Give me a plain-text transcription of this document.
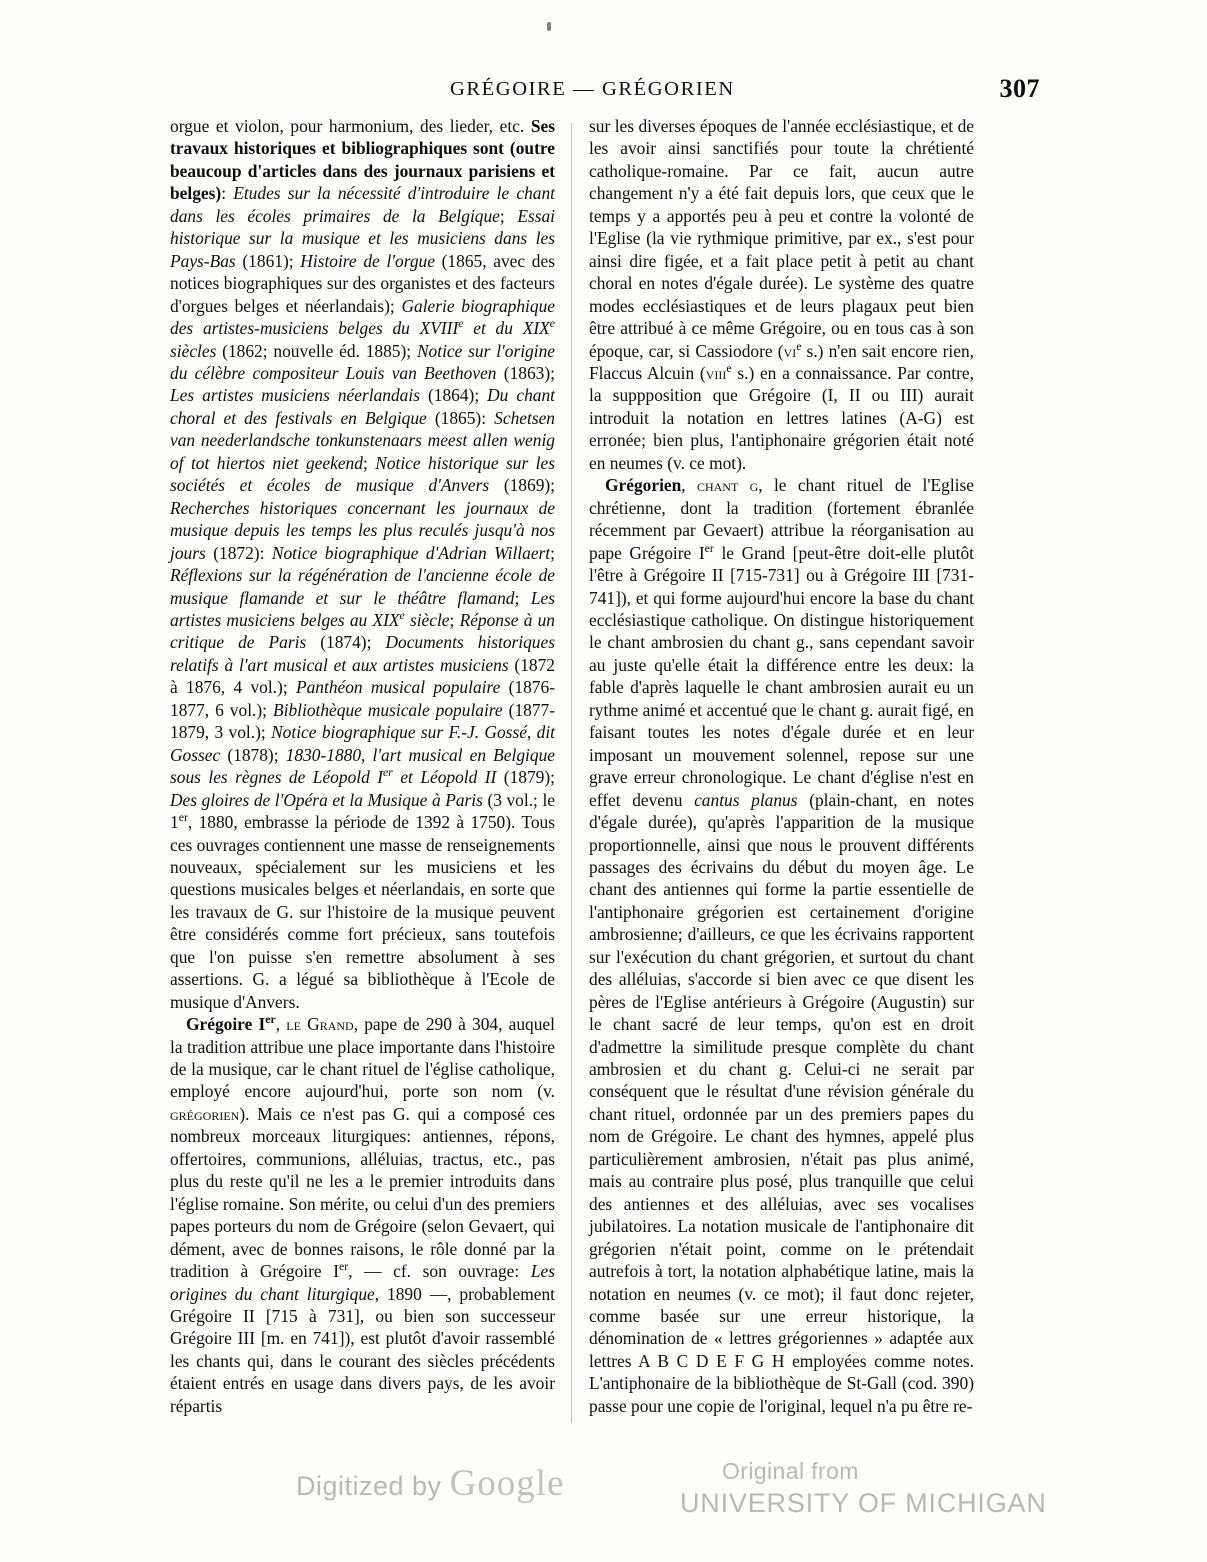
GRÉGOIRE — GRÉGORIEN	307

orgue et violon, pour harmonium, des lieder, etc. Ses travaux historiques et bibliographiques sont (outre beaucoup d'articles dans des journaux parisiens et belges): Etudes sur la nécessité d'introduire le chant dans les écoles primaires de la Belgique; Essai historique sur la musique et les musiciens dans les Pays-Bas (1861); Histoire de l'orgue (1865, avec des notices biographiques sur des organistes et des facteurs d'orgues belges et néerlandais); Galerie biographique des artistes-musiciens belges du XVIIIe et du XIXe siècles (1862; nouvelle éd. 1885); Notice sur l'origine du célèbre compositeur Louis van Beethoven (1863); Les artistes musiciens néerlandais (1864); Du chant choral et des festivals en Belgique (1865): Schetsen van neederlandsche tonkunstenaars meest allen wenig of tot hiertos niet geekend; Notice historique sur les sociétés et écoles de musique d'Anvers (1869); Recherches historiques concernant les journaux de musique depuis les temps les plus reculés jusqu'à nos jours (1872): Notice biographique d'Adrian Willaert; Réflexions sur la régénération de l'ancienne école de musique flamande et sur le théâtre flamand; Les artistes musiciens belges au XIXe siècle; Réponse à un critique de Paris (1874); Documents historiques relatifs à l'art musical et aux artistes musiciens (1872 à 1876, 4 vol.); Panthéon musical populaire (1876-1877, 6 vol.); Bibliothèque musicale populaire (1877-1879, 3 vol.); Notice biographique sur F.-J. Gossé, dit Gossec (1878); 1830-1880, l'art musical en Belgique sous les règnes de Léopold Ier et Léopold II (1879); Des gloires de l'Opéra et la Musique à Paris (3 vol.; le 1er, 1880, embrasse la période de 1392 à 1750). Tous ces ouvrages contiennent une masse de renseignements nouveaux, spécialement sur les musiciens et les questions musicales belges et néerlandais, en sorte que les travaux de G. sur l'histoire de la musique peuvent être considérés comme fort précieux, sans toutefois que l'on puisse s'en remettre absolument à ses assertions. G. a légué sa bibliothèque à l'Ecole de musique d'Anvers.

Grégoire Ier, le Grand, pape de 290 à 304, auquel la tradition attribue une place importante dans l'histoire de la musique, car le chant rituel de l'église catholique, employé encore aujourd'hui, porte son nom (v. grégorien). Mais ce n'est pas G. qui a composé ces nombreux morceaux liturgiques: antiennes, répons, offertoires, communions, alléluias, tractus, etc., pas plus du reste qu'il ne les a le premier introduits dans l'église romaine. Son mérite, ou celui d'un des premiers papes porteurs du nom de Grégoire (selon Gevaert, qui dément, avec de bonnes raisons, le rôle donné par la tradition à Grégoire Ier, — cf. son ouvrage: Les origines du chant liturgique, 1890 —, probablement Grégoire II [715 à 731], ou bien son successeur Grégoire III [m. en 741]), est plutôt d'avoir rassemblé les chants qui, dans le courant des siècles précédents étaient entrés en usage dans divers pays, de les avoir répartis

sur les diverses époques de l'année ecclésiastique, et de les avoir ainsi sanctifiés pour toute la chrétienté catholique-romaine. Par ce fait, aucun autre changement n'y a été fait depuis lors, que ceux que le temps y a apportés peu à peu et contre la volonté de l'Eglise (la vie rythmique primitive, par ex., s'est pour ainsi dire figée, et a fait place petit à petit au chant choral en notes d'égale durée). Le système des quatre modes ecclésiastiques et de leurs plagaux peut bien être attribué à ce même Grégoire, ou en tous cas à son époque, car, si Cassiodore ($vi^e$ s.) n'en sait encore rien, Flaccus Alcuin (viii$^e$ s.) en a connaissance. Par contre, la suppposition que Grégoire (I, II ou III) aurait introduit la notation en lettres latines (A-G) est erronée; bien plus, l'antiphonaire grégorien était noté en neumes (v. ce mot).

Grégorien, chant g, le chant rituel de l'Eglise chrétienne, dont la tradition (fortement ébranlée récemment par Gevaert) attribue la réorganisation au pape Grégoire Ier le Grand [peut-être doit-elle plutôt l'être à Grégoire II [715-731] ou à Grégoire III [731-741]), et qui forme aujourd'hui encore la base du chant ecclésiastique catholique. On distingue historiquement le chant ambrosien du chant g., sans cependant savoir au juste qu'elle était la différence entre les deux: la fable d'après laquelle le chant ambrosien aurait eu un rythme animé et accentué que le chant g. aurait figé, en faisant toutes les notes d'égale durée et en leur imposant un mouvement solennel, repose sur une grave erreur chronologique. Le chant d'église n'est en effet devenu cantus planus (plain-chant, en notes d'égale durée), qu'après l'apparition de la musique proportionnelle, ainsi que nous le prouvent différents passages des écrivains du début du moyen âge. Le chant des antiennes qui forme la partie essentielle de l'antiphonaire grégorien est certainement d'origine ambrosienne; d'ailleurs, ce que les écrivains rapportent sur l'exécution du chant grégorien, et surtout du chant des alléluias, s'accorde si bien avec ce que disent les pères de l'Eglise antérieurs à Grégoire (Augustin) sur le chant sacré de leur temps, qu'on est en droit d'admettre la similitude presque complète du chant ambrosien et du chant g. Celui-ci ne serait par conséquent que le résultat d'une révision générale du chant rituel, ordonnée par un des premiers papes du nom de Grégoire. Le chant des hymnes, appelé plus particulièrement ambrosien, n'était pas plus animé, mais au contraire plus posé, plus tranquille que celui des antiennes et des alléluias, avec ses vocalises jubilatoires. La notation musicale de l'antiphonaire dit grégorien n'était point, comme on le prétendait autrefois à tort, la notation alphabétique latine, mais la notation en neumes (v. ce mot); il faut donc rejeter, comme basée sur une erreur historique, la dénomination de « lettres grégoriennes » adaptée aux lettres A B C D E F G H employées comme notes. L'antiphonaire de la bibliothèque de St-Gall (cod. 390) passe pour une copie de l'original, lequel n'a pu être re-

Digitized by Google	Original from
UNIVERSITY OF MICHIGAN
